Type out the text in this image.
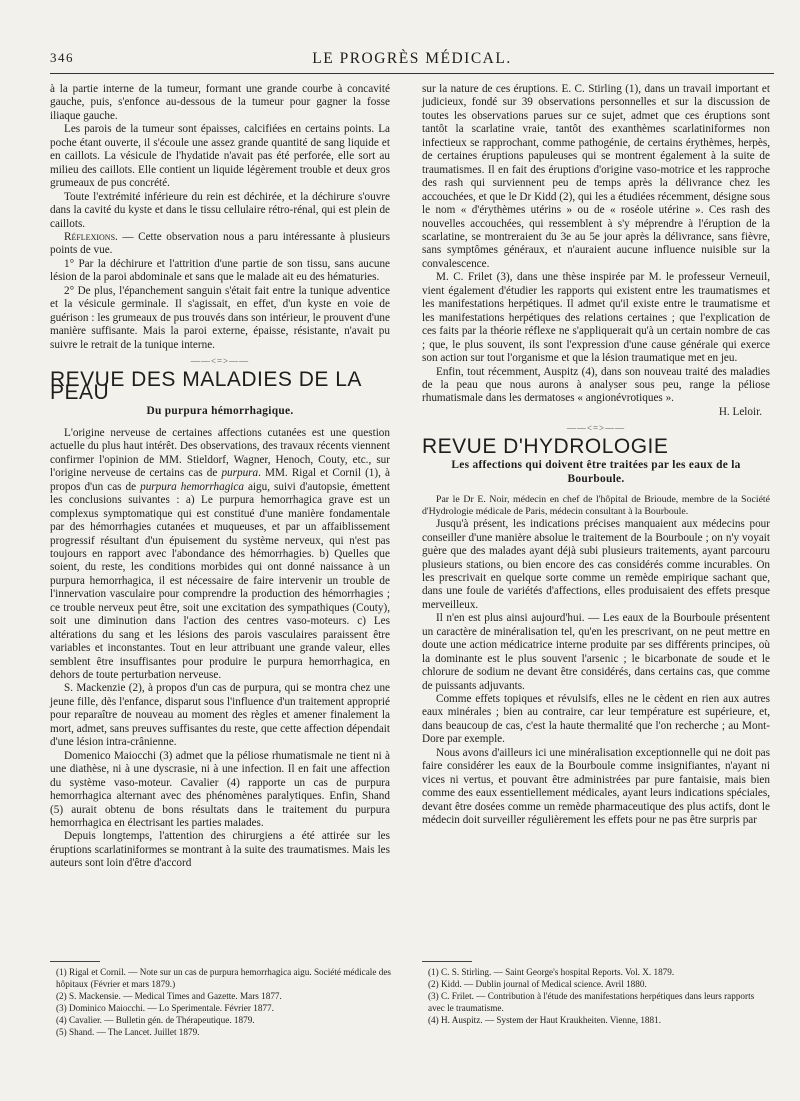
346	LE PROGRÈS MÉDICAL.

à la partie interne de la tumeur, formant une grande courbe à concavité gauche, puis, s'enfonce au-dessous de la tumeur pour gagner la fosse iliaque gauche.

Les parois de la tumeur sont épaisses, calcifiées en certains points. La poche étant ouverte, il s'écoule une assez grande quantité de sang liquide et en caillots. La vésicule de l'hydatide n'avait pas été perforée, elle sort au milieu des caillots. Elle contient un liquide légèrement trouble et deux gros grumeaux de pus concrété.

Toute l'extrémité inférieure du rein est déchirée, et la déchirure s'ouvre dans la cavité du kyste et dans le tissu cellulaire rétro-rénal, qui est plein de caillots.

Réflexions. — Cette observation nous a paru intéressante à plusieurs points de vue.

1° Par la déchirure et l'attrition d'une partie de son tissu, sans aucune lésion de la paroi abdominale et sans que le malade ait eu des hématuries.

2° De plus, l'épanchement sanguin s'était fait entre la tunique adventice et la vésicule germinale. Il s'agissait, en effet, d'un kyste en voie de guérison : les grumeaux de pus trouvés dans son intérieur, le prouvent d'une manière suffisante. Mais la paroi externe, épaisse, résistante, n'avait pu suivre le retrait de la tunique interne.

——<=>——
REVUE DES MALADIES DE LA PEAU
Du purpura hémorrhagique.

L'origine nerveuse de certaines affections cutanées est une question actuelle du plus haut intérêt. Des observations, des travaux récents viennent confirmer l'opinion de MM. Stieldorf, Wagner, Henoch, Couty, etc., sur l'origine nerveuse de certains cas de purpura. MM. Rigal et Cornil (1), à propos d'un cas de purpura hemorrhagica aigu, suivi d'autopsie, émettent les conclusions suivantes : a) Le purpura hemorrhagica grave est un complexus symptomatique qui est constitué d'une manière fondamentale par des hémorrhagies cutanées et muqueuses, et par un affaiblissement progressif résultant d'un épuisement du système nerveux, qui n'est pas toujours en rapport avec l'abondance des hémorrhagies. b) Quelles que soient, du reste, les conditions morbides qui ont donné naissance à un purpura hemorrhagica, il est nécessaire de faire intervenir un trouble de l'innervation vasculaire pour comprendre la production des hémorrhagies ; ce trouble nerveux peut être, soit une excitation des sympathiques (Couty), soit une diminution dans l'action des centres vaso-moteurs. c) Les altérations du sang et les lésions des parois vasculaires paraissent être variables et inconstantes. Tout en leur attribuant une grande valeur, elles semblent être insuffisantes pour produire le purpura hemorrhagica, en dehors de toute perturbation nerveuse.

S. Mackenzie (2), à propos d'un cas de purpura, qui se montra chez une jeune fille, dès l'enfance, disparut sous l'influence d'un traitement approprié pour reparaître de nouveau au moment des règles et amener finalement la mort, admet, sans preuves suffisantes du reste, que cette affection dépendait d'une lésion intra-crânienne.

Domenico Maiocchi (3) admet que la péliose rhumatismale ne tient ni à une diathèse, ni à une dyscrasie, ni à une infection. Il en fait une affection du système vaso-moteur. Cavalier (4) rapporte un cas de purpura hemorrhagica alternant avec des phénomènes paralytiques. Enfin, Shand (5) aurait obtenu de bons résultats dans le traitement du purpura hemorrhagica en électrisant les parties malades.

Depuis longtemps, l'attention des chirurgiens a été attirée sur les éruptions scarlatiniformes se montrant à la suite des traumatismes. Mais les auteurs sont loin d'être d'accord

sur la nature de ces éruptions. E. C. Stirling (1), dans un travail important et judicieux, fondé sur 39 observations personnelles et sur la discussion de toutes les observations parues sur ce sujet, admet que ces éruptions sont tantôt la scarlatine vraie, tantôt des exanthèmes scarlatiniformes non infectieux se rapprochant, comme pathogénie, de certains érythèmes, herpès, de certaines éruptions papuleuses qui se montrent également à la suite de traumatismes. Il en fait des éruptions d'origine vaso-motrice et les rapproche des rash qui surviennent peu de temps après la délivrance chez les accouchées, et que le Dr Kidd (2), qui les a étudiées récemment, désigne sous le nom « d'érythèmes utérins » ou de « roséole utérine ». Ces rash des nouvelles accouchées, qui ressemblent à s'y méprendre à l'éruption de la scarlatine, se montreraient du 3e au 5e jour après la délivrance, sans fièvre, sans symptômes généraux, et n'auraient aucune influence nuisible sur la convalescence.

M. C. Frilet (3), dans une thèse inspirée par M. le professeur Verneuil, vient également d'étudier les rapports qui existent entre les traumatismes et les manifestations herpétiques. Il admet qu'il existe entre le traumatisme et les manifestations herpétiques des relations certaines ; que l'explication de ces faits par la théorie réflexe ne s'appliquerait qu'à un certain nombre de cas ; que, le plus souvent, ils sont l'expression d'une cause générale qui exerce son action sur tout l'organisme et que la lésion traumatique met en jeu.

Enfin, tout récemment, Auspitz (4), dans son nouveau traité des maladies de la peau que nous aurons à analyser sous peu, range la péliose rhumatismale dans les dermatoses « angionévrotiques ».

H. Leloir.
——<=>——
REVUE D'HYDROLOGIE
Les affections qui doivent être traitées par les eaux de la Bourboule.

Par le Dr E. Noir, médecin en chef de l'hôpital de Brioude, membre de la Société d'Hydrologie médicale de Paris, médecin consultant à la Bourboule.

Jusqu'à présent, les indications précises manquaient aux médecins pour conseiller d'une manière absolue le traitement de la Bourboule ; on n'y voyait guère que des malades ayant déjà subi plusieurs traitements, ayant parcouru plusieurs stations, ou bien encore des cas considérés comme incurables. On les prescrivait en quelque sorte comme un remède empirique sachant que, dans une foule de variétés d'affections, elles produisaient des effets presque merveilleux.

Il n'en est plus ainsi aujourd'hui. — Les eaux de la Bourboule présentent un caractère de minéralisation tel, qu'en les prescrivant, on ne peut mettre en doute une action médicatrice interne produite par ses différents principes, où la dominante est le plus souvent l'arsenic ; le bicarbonate de soude et le chlorure de sodium ne devant être considérés, dans certains cas, que comme de puissants adjuvants.

Comme effets topiques et révulsifs, elles ne le cèdent en rien aux autres eaux minérales ; bien au contraire, car leur température est supérieure, et, dans beaucoup de cas, c'est la haute thermalité que l'on recherche ; au Mont-Dore par exemple.

Nous avons d'ailleurs ici une minéralisation exceptionnelle qui ne doit pas faire considérer les eaux de la Bourboule comme insignifiantes, n'ayant ni vices ni vertus, et pouvant être administrées par pure fantaisie, mais bien comme des eaux essentiellement médicales, ayant leurs indications spéciales, devant être dosées comme un remède pharmaceutique des plus actifs, dont le médecin doit surveiller régulièrement les effets pour ne pas être surpris par

(1) Rigal et Cornil. — Note sur un cas de purpura hemorrhagica aigu. Société médicale des hôpitaux (Février et mars 1879.)
(2) S. Mackensie. — Medical Times and Gazette. Mars 1877.
(3) Dominico Maiocchi. — Lo Sperimentale. Février 1877.
(4) Cavalier. — Bulletin gén. de Thérapeutique. 1879.
(5) Shand. — The Lancet. Juillet 1879.
(1) C. S. Stirling. — Saint George's hospital Reports. Vol. X. 1879.
(2) Kidd. — Dublin journal of Medical science. Avril 1880.
(3) C. Frilet. — Contribution à l'étude des manifestations herpétiques dans leurs rapports avec le traumatisme.
(4) H. Auspitz. — System der Haut Kraukheiten. Vienne, 1881.
